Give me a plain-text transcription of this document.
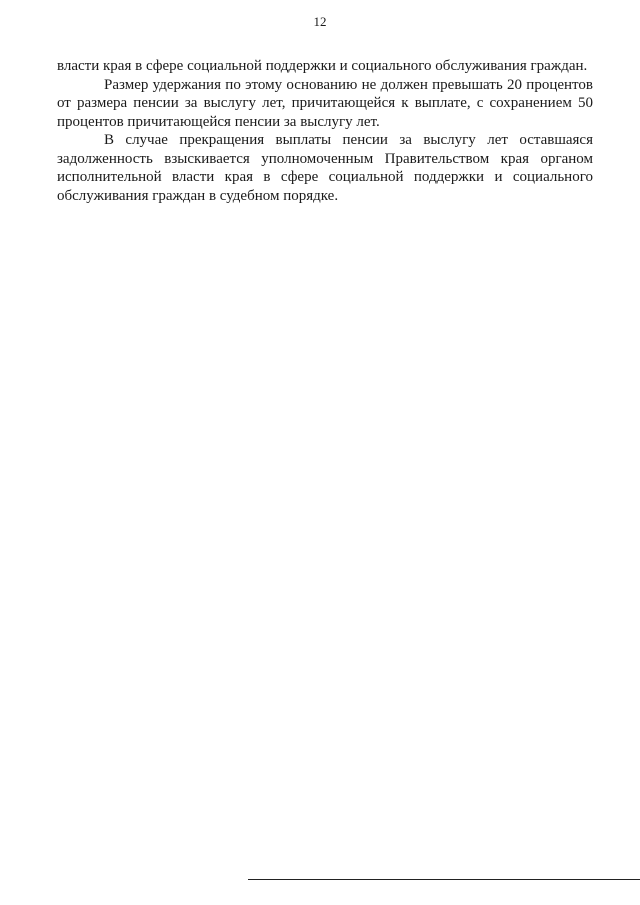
12

власти края в сфере социальной поддержки и социального обслуживания граждан.

Размер удержания по этому основанию не должен превышать 20 процентов от размера пенсии за выслугу лет, причитающейся к выплате, с сохранением 50 процентов причитающейся пенсии за выслугу лет.

В случае прекращения выплаты пенсии за выслугу лет оставшаяся задолженность взыскивается уполномоченным Правительством края органом исполнительной власти края в сфере социальной поддержки и социального обслуживания граждан в судебном порядке.
